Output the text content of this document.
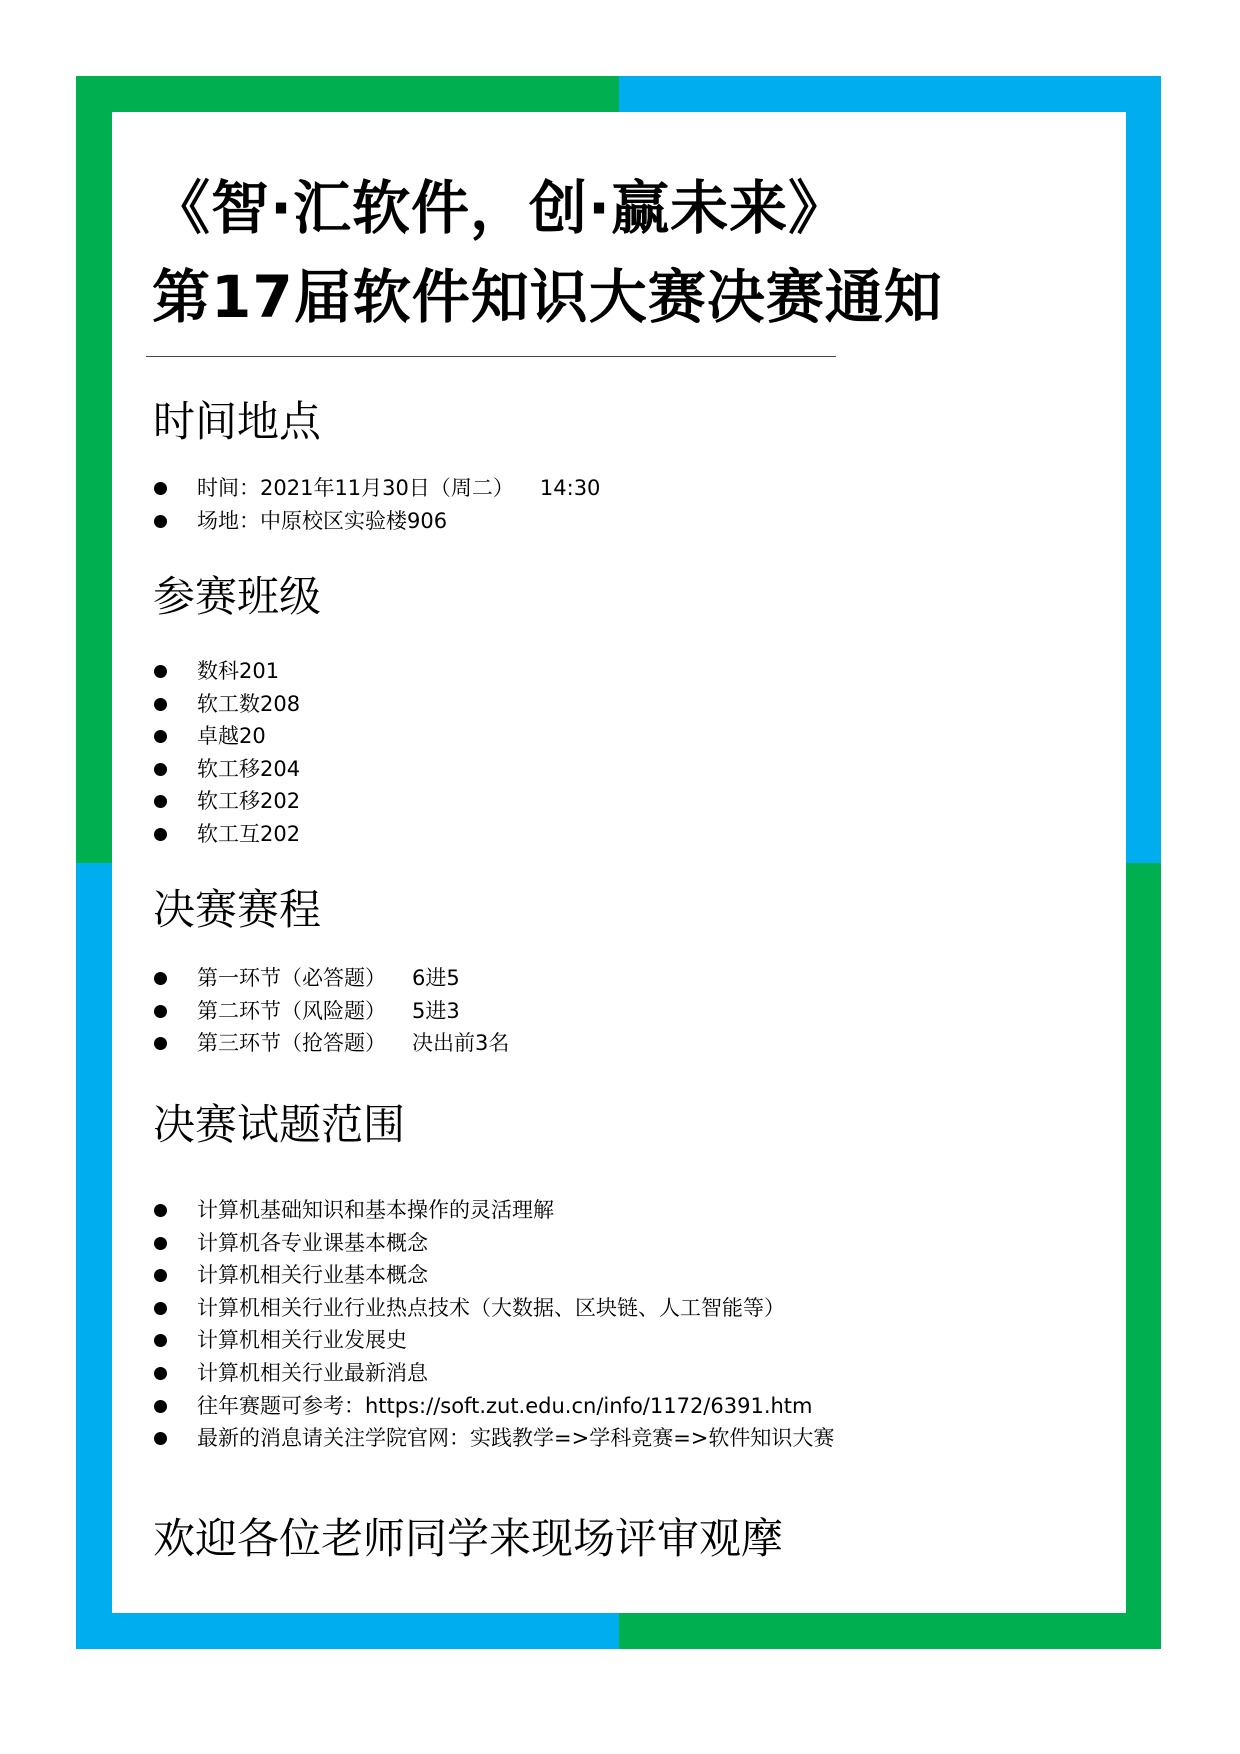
《智·汇软件，创·赢未来》
第17届软件知识大赛决赛通知
时间地点
时间：2021年11月30日（周二） 14:30
场地：中原校区实验楼906
参赛班级
数科201
软工数208
卓越20
软工移204
软工移202
软工互202
决赛赛程
第一环节（必答题） 6进5
第二环节（风险题） 5进3
第三环节（抢答题） 决出前3名
决赛试题范围
计算机基础知识和基本操作的灵活理解
计算机各专业课基本概念
计算机相关行业基本概念
计算机相关行业行业热点技术（大数据、区块链、人工智能等）
计算机相关行业发展史
计算机相关行业最新消息
往年赛题可参考：https://soft.zut.edu.cn/info/1172/6391.htm
最新的消息请关注学院官网：实践教学=>学科竞赛=>软件知识大赛
欢迎各位老师同学来现场评审观摩
